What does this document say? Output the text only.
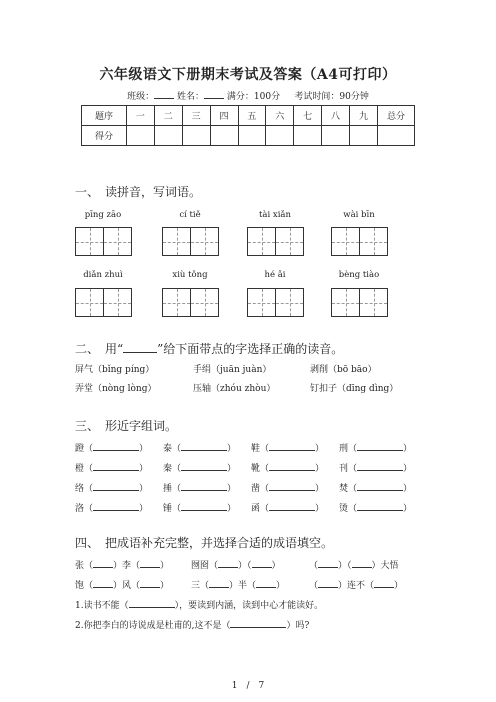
六年级语文下册期末考试及答案（A4可打印）
班级：	姓名：	满分：100分 考试时间：90分钟
题序	一	二	三	四	五	六	七	八	九	总分
得分										
一、　读拼音，写词语。
pīng zāo	cí tiě	tài xiǎn	wài bīn
diǎn zhuì	xiù tǒng	hé ǎi	bèng tiào
二、　用“	”给下面带点的字选择正确的读音。
屏气（bǐng píng）	手绢（juān juàn）	剥削（bō bāo）
弄堂（nòng lòng）	压轴（zhóu zhòu）	钉扣子（dīng dìng）
三、　形近字组词。
蹬（	） 泰（	） 鞋（	） 刑（	）
橙（	） 秦（	） 靴（	） 刊（	）
络（	） 捶（	） 凿（	） 焚（	）
洛（	） 锤（	） 函（	） 烫（	）
四、　把成语补充完整，并选择合适的成语填空。
张（ ）李（ ） 囫囵（ ）（ ）	（ ）（ ）大悟
饱（ ）风（ ） 三（ ）半（ ）	（ ）连不（ ）
1.读书不能（	），要读到内涵，读到中心才能读好。
2.你把李白的诗说成是杜甫的,这不是（	）吗?
1　/　7
